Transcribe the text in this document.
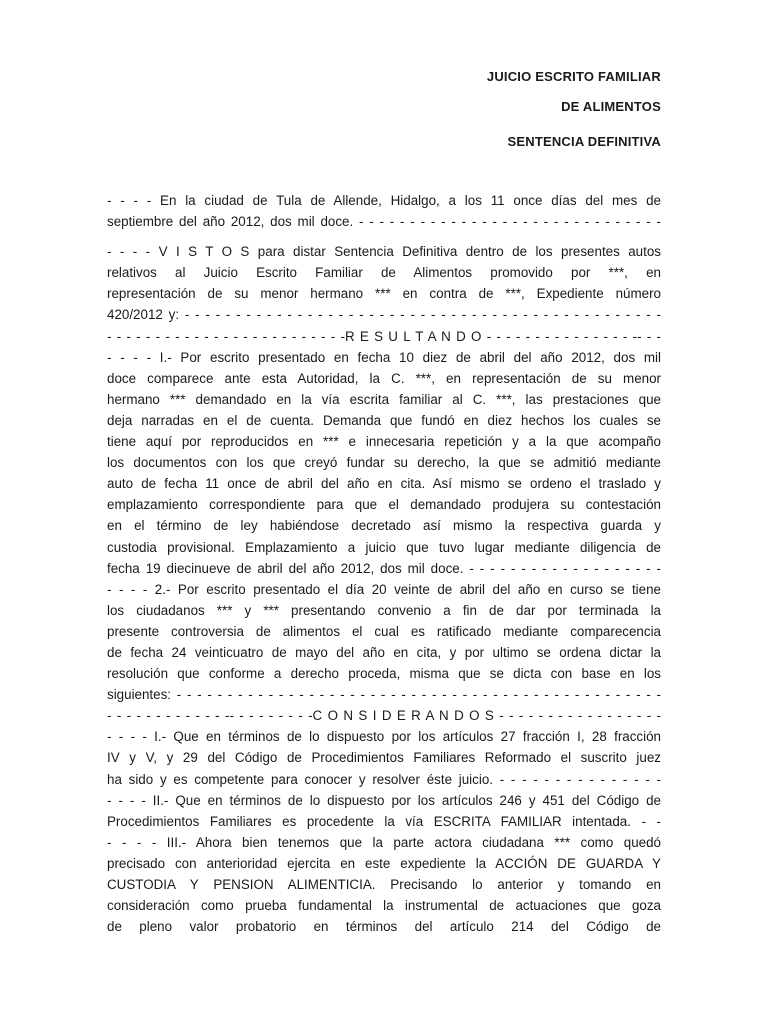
JUICIO ESCRITO FAMILIAR
DE ALIMENTOS
SENTENCIA DEFINITIVA
- - - - En la ciudad de Tula de Allende, Hidalgo, a los 11 once días del mes de
septiembre del año 2012, dos mil doce. - - - - - - - - - - - - - - - - - - - - - - - - - - - - - -
- - - - V I S T O S para distar Sentencia Definitiva dentro de los presentes autos
relativos al Juicio Escrito Familiar de Alimentos promovido por ***, en
representación de su menor hermano *** en contra de ***, Expediente número
420/2012 y: - - - - - - - - - - - - - - - - - - - - - - - - - - - - - - - - - - - - - - - - - - - - - - -
- - - - - - - - - - - - - - - - - - - - - - - - -R E S U L T A N D O - - - - - - - - - - - - - - - -- - -
- - - - I.- Por escrito presentado en fecha 10 diez de abril del año 2012, dos mil
doce comparece ante esta Autoridad, la C. ***, en representación de su menor
hermano *** demandado en la vía escrita familiar al C. ***, las prestaciones que
deja narradas en el de cuenta. Demanda que fundó en diez hechos los cuales se
tiene aquí por reproducidos en *** e innecesaria repetición y a la que acompaño
los documentos con los que creyó fundar su derecho, la que se admitió mediante
auto de fecha 11 once de abril del año en cita. Así mismo se ordeno el traslado y
emplazamiento correspondiente para que el demandado produjera su contestación
en el término de ley habiéndose decretado así mismo la respectiva guarda y
custodia provisional. Emplazamiento a juicio que tuvo lugar mediante diligencia de
fecha 19 diecinueve de abril del año 2012, dos mil doce. - - - - - - - - - - - - - - - - - - -
- - - - 2.- Por escrito presentado el día 20 veinte de abril del año en curso se tiene
los ciudadanos *** y *** presentando convenio a fin de dar por terminada la
presente controversia de alimentos el cual es ratificado mediante comparecencia
de fecha 24 veinticuatro de mayo del año en cita, y por ultimo se ordena dictar la
resolución que conforme a derecho proceda, misma que se dicta con base en los
siguientes: - - - - - - - - - - - - - - - - - - - - - - - - - - - - - - - - - - - - - - - - - - - - - - - -
- - - - - - - - - - - - -- - - - - - - - -C O N S I D E R A N D O S - - - - - - - - - - - - - - - - -
- - - - I.- Que en términos de lo dispuesto por los artículos 27 fracción I, 28 fracción
IV y V, y 29 del Código de Procedimientos Familiares Reformado el suscrito juez
ha sido y es competente para conocer y resolver éste juicio. - - - - - - - - - - - - - - -
- - - - II.- Que en términos de lo dispuesto por los artículos 246 y 451 del Código de
Procedimientos Familiares es procedente la vía ESCRITA FAMILIAR intentada. - -
- - - - III.- Ahora bien tenemos que la parte actora ciudadana *** como quedó
precisado con anterioridad ejercita en este expediente la ACCIÓN DE GUARDA Y
CUSTODIA Y PENSION ALIMENTICIA. Precisando lo anterior y tomando en
consideración como prueba fundamental la instrumental de actuaciones que goza
de pleno valor probatorio en términos del artículo 214 del Código de
